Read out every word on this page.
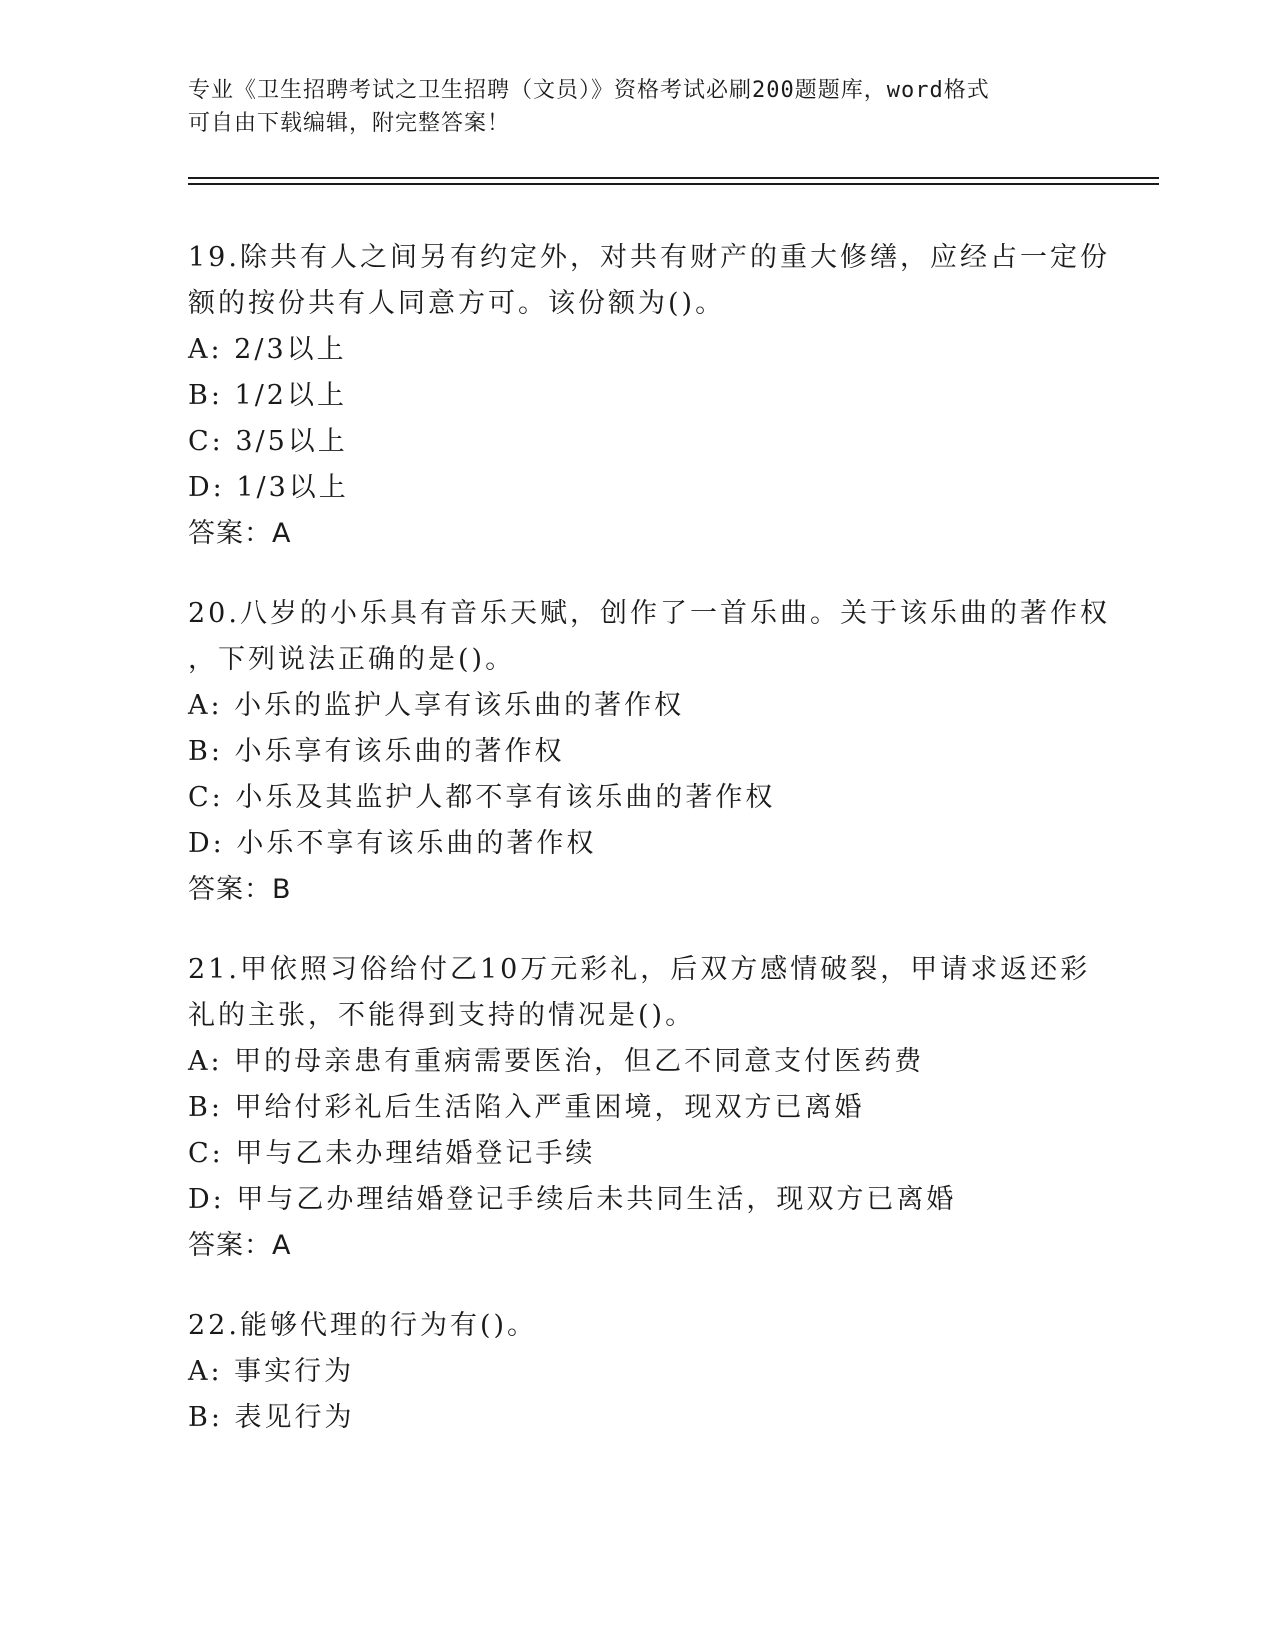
专业《卫生招聘考试之卫生招聘（文员）》资格考试必刷200题题库，word格式
可自由下载编辑，附完整答案！
19.除共有人之间另有约定外，对共有财产的重大修缮，应经占一定份
额的按份共有人同意方可。该份额为()。
A: 2/3以上
B: 1/2以上
C: 3/5以上
D: 1/3以上
答案：A
20.八岁的小乐具有音乐天赋，创作了一首乐曲。关于该乐曲的著作权
，下列说法正确的是()。
A: 小乐的监护人享有该乐曲的著作权
B: 小乐享有该乐曲的著作权
C: 小乐及其监护人都不享有该乐曲的著作权
D: 小乐不享有该乐曲的著作权
答案：B
21.甲依照习俗给付乙10万元彩礼，后双方感情破裂，甲请求返还彩
礼的主张，不能得到支持的情况是()。
A: 甲的母亲患有重病需要医治，但乙不同意支付医药费
B: 甲给付彩礼后生活陷入严重困境，现双方已离婚
C: 甲与乙未办理结婚登记手续
D: 甲与乙办理结婚登记手续后未共同生活，现双方已离婚
答案：A
22.能够代理的行为有()。
A: 事实行为
B: 表见行为
